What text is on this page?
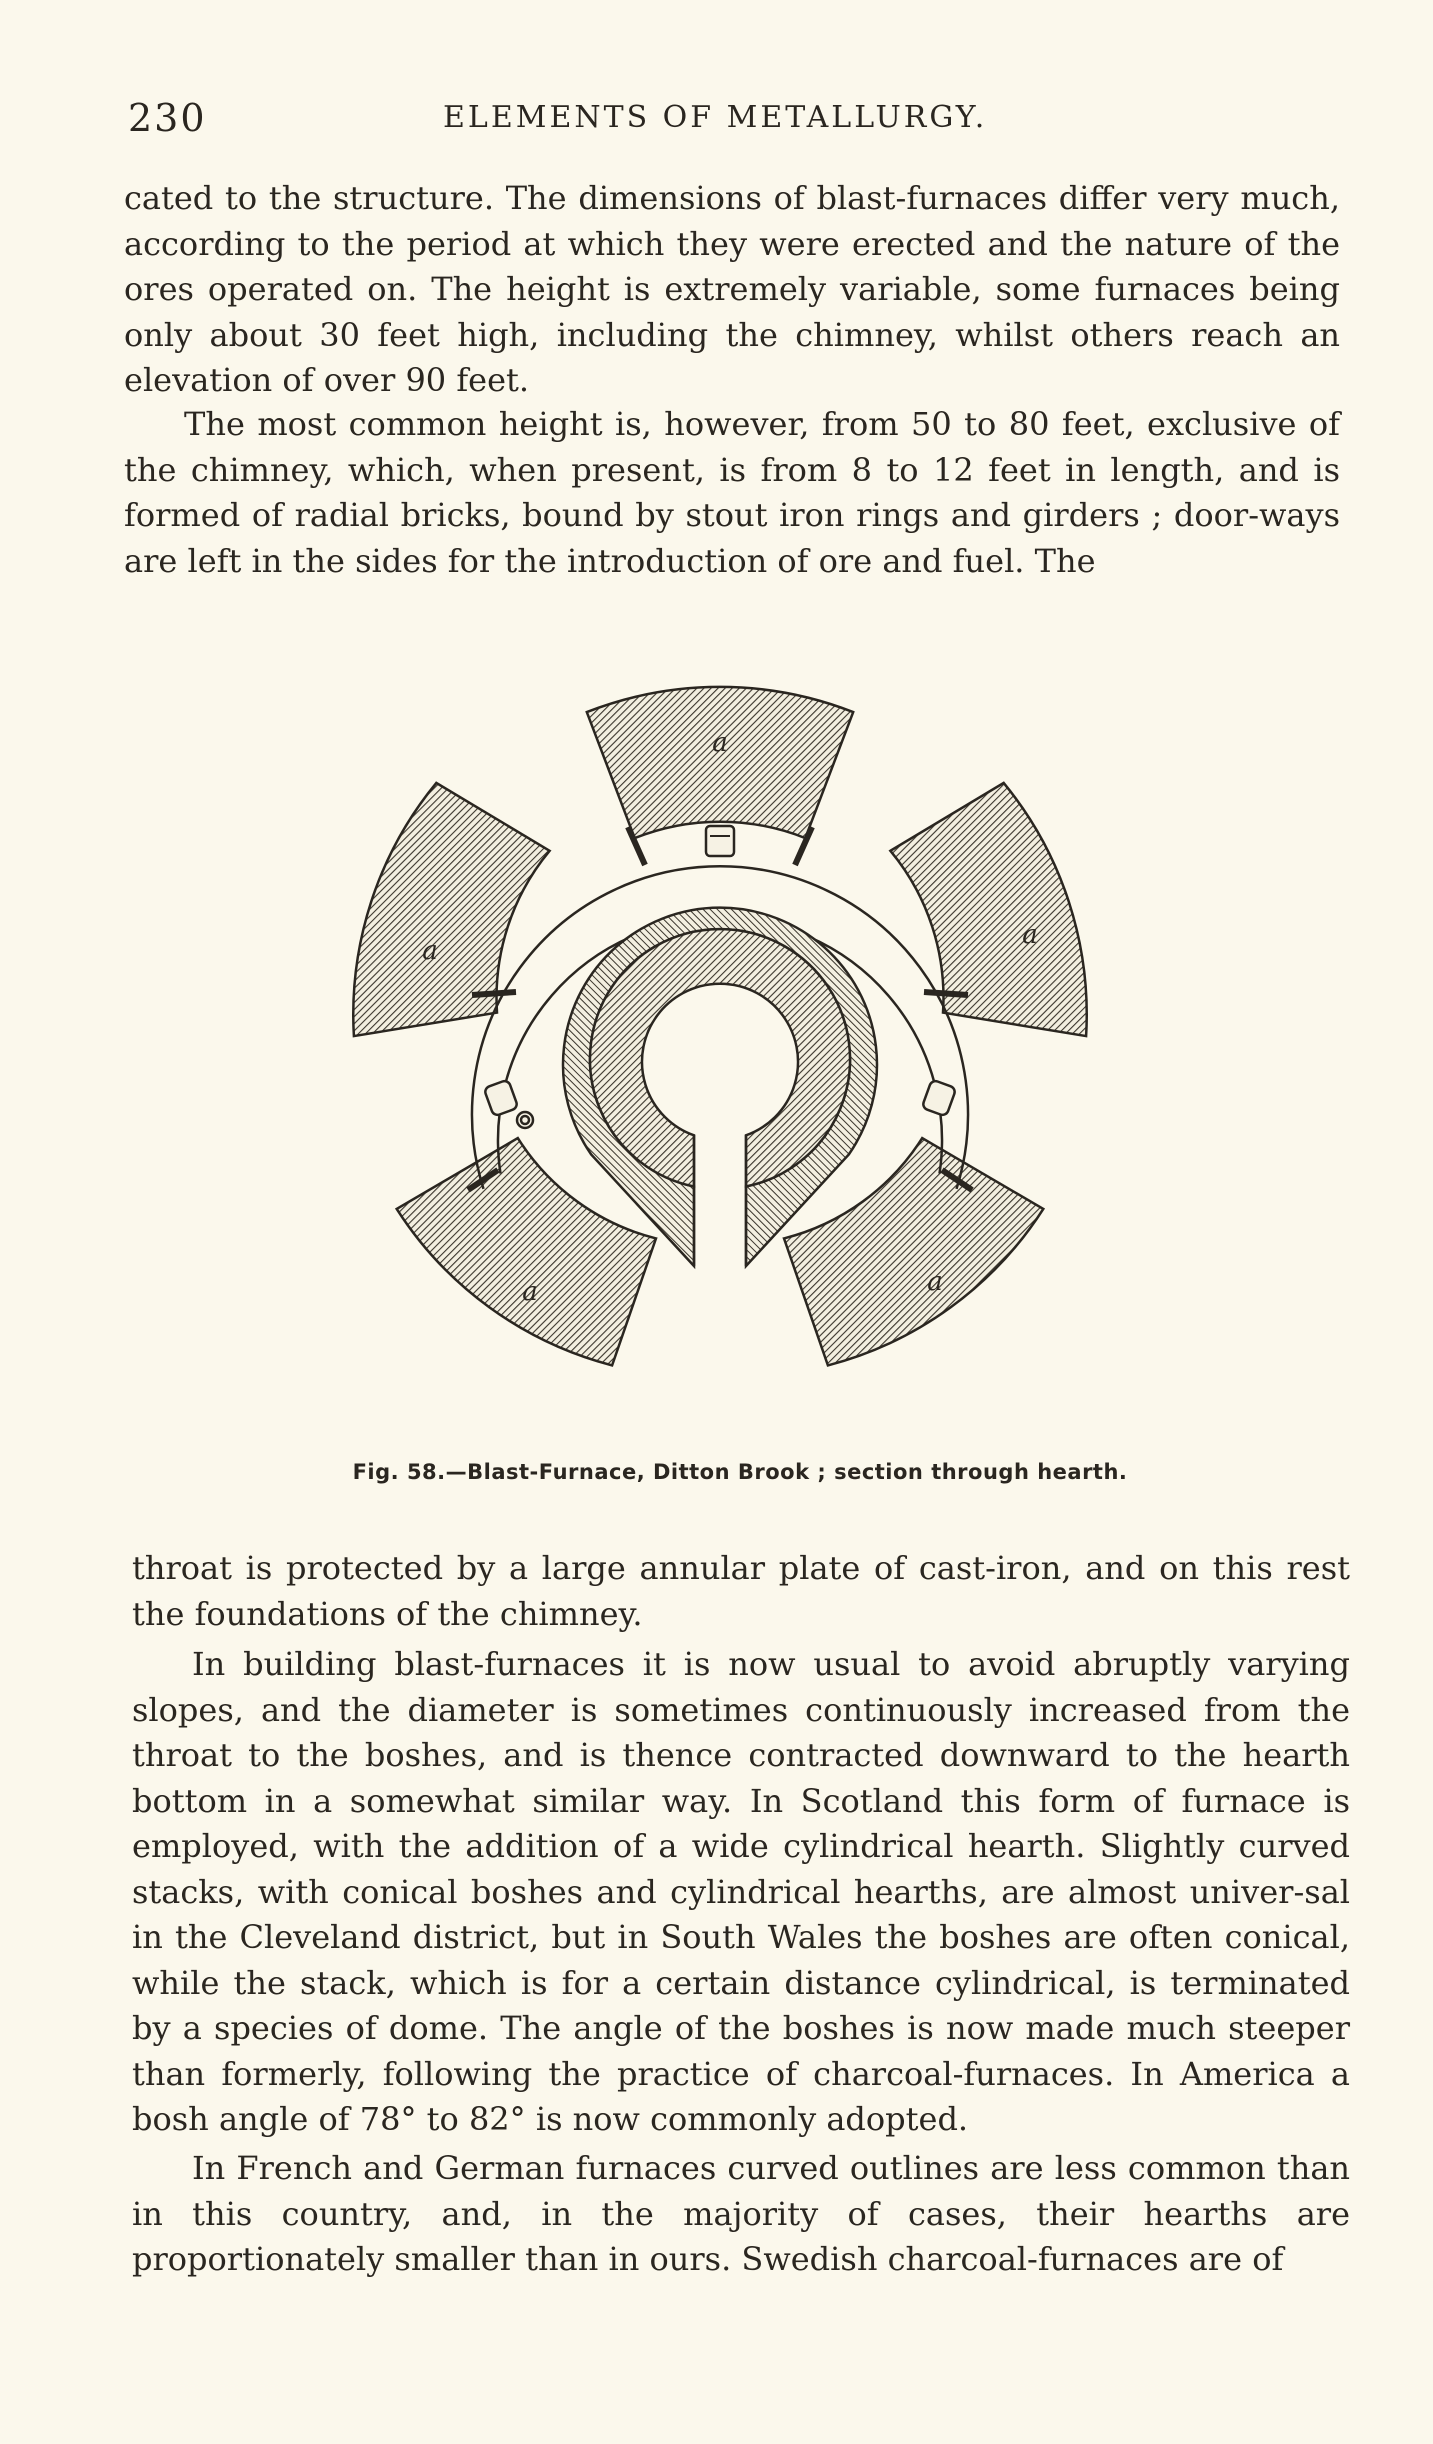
230	ELEMENTS OF METALLURGY.

cated to the structure. The dimensions of blast-furnaces differ very much, according to the period at which they were erected and the nature of the ores operated on. The height is extremely variable, some furnaces being only about 30 feet high, including the chimney, whilst others reach an elevation of over 90 feet.

The most common height is, however, from 50 to 80 feet, exclusive of the chimney, which, when present, is from 8 to 12 feet in length, and is formed of radial bricks, bound by stout iron rings and girders ; door-ways are left in the sides for the introduction of ore and fuel. The

a
a
a
a
a
Fig. 58.—Blast-Furnace, Ditton Brook ; section through hearth.

throat is protected by a large annular plate of cast-iron, and on this rest the foundations of the chimney.

In building blast-furnaces it is now usual to avoid abruptly varying slopes, and the diameter is sometimes continuously increased from the throat to the boshes, and is thence contracted downward to the hearth bottom in a somewhat similar way. In Scotland this form of furnace is employed, with the addition of a wide cylindrical hearth. Slightly curved stacks, with conical boshes and cylindrical hearths, are almost univer-sal in the Cleveland district, but in South Wales the boshes are often conical, while the stack, which is for a certain distance cylindrical, is terminated by a species of dome. The angle of the boshes is now made much steeper than formerly, following the practice of charcoal-furnaces. In America a bosh angle of 78° to 82° is now commonly adopted.

In French and German furnaces curved outlines are less common than in this country, and, in the majority of cases, their hearths are proportionately smaller than in ours. Swedish charcoal-furnaces are of
